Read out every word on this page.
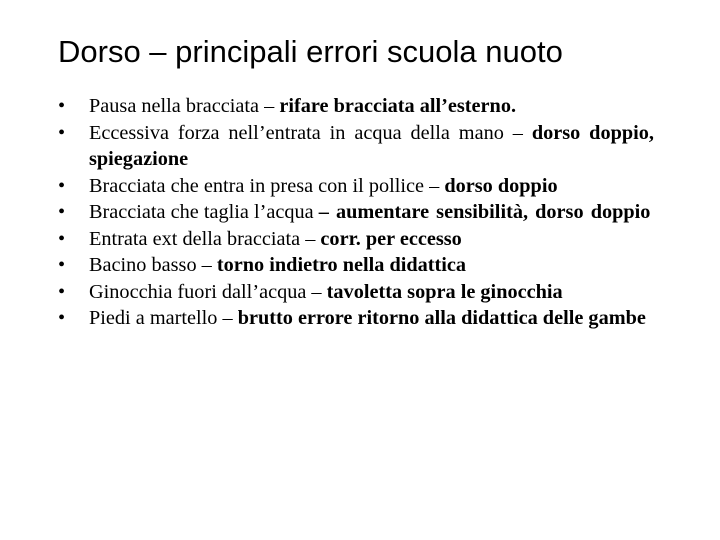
Dorso – principali errori scuola nuoto
•	Pausa nella bracciata – rifare bracciata all’esterno.
•	Eccessiva forza nell’entrata in acqua della mano – dorso doppio, spiegazione
•	Bracciata che entra in presa con il pollice – dorso doppio
•	Bracciata che taglia l’acqua – aumentare sensibilità, dorso doppio
•	Entrata ext della bracciata – corr. per eccesso
•	Bacino basso – torno indietro nella didattica
•	Ginocchia fuori dall’acqua – tavoletta sopra le ginocchia
•	Piedi a martello – brutto errore ritorno alla didattica delle gambe
